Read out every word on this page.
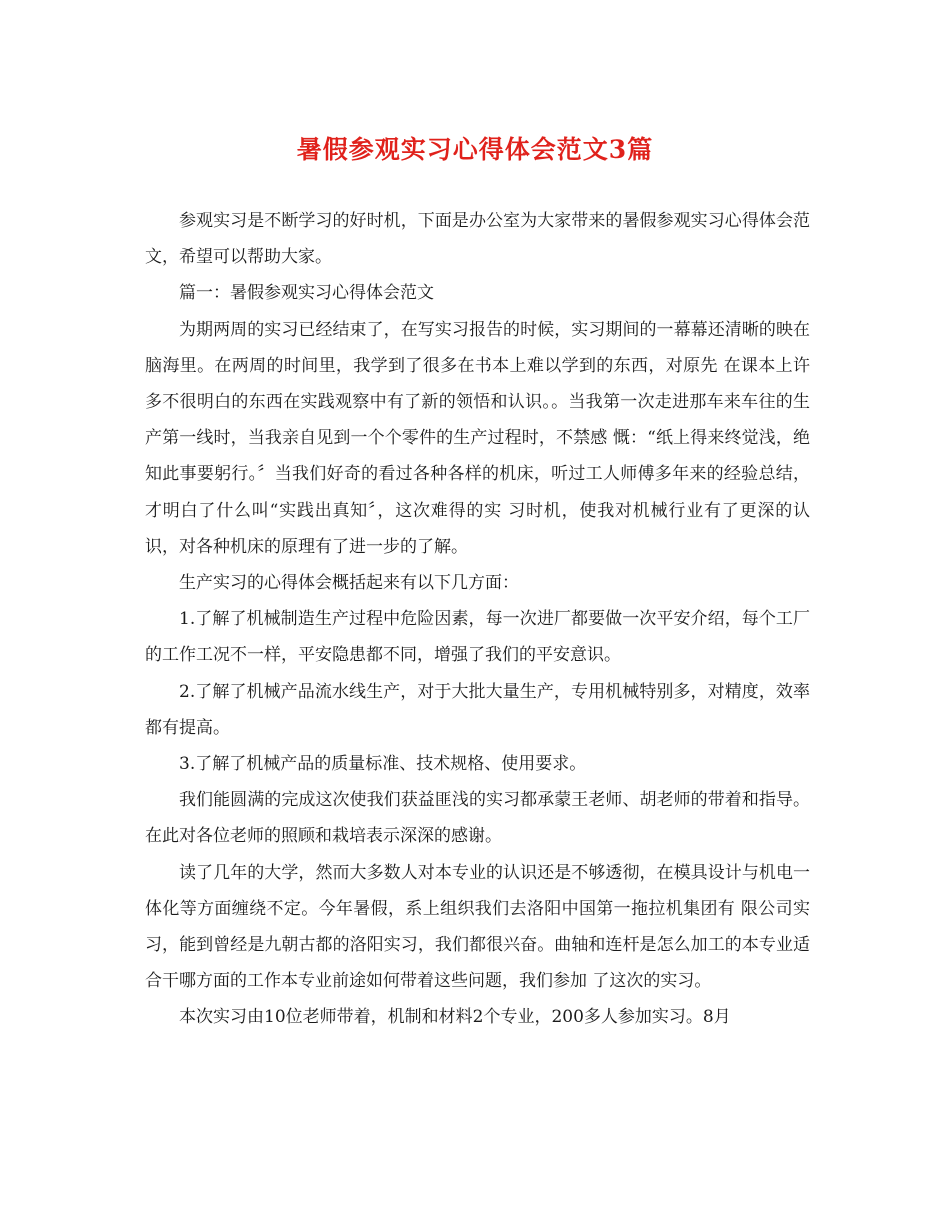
暑假参观实习心得体会范文3篇

参观实习是不断学习的好时机，下面是办公室为大家带来的暑假参观实习心得体会范文，希望可以帮助大家。

篇一：暑假参观实习心得体会范文

为期两周的实习已经结束了，在写实习报告的时候，实习期间的一幕幕还清晰的映在脑海里。在两周的时间里，我学到了很多在书本上难以学到的东西，对原先 在课本上许多不很明白的东西在实践观察中有了新的领悟和认识。。当我第一次走进那车来车往的生产第一线时，当我亲自见到一个个零件的生产过程时，不禁感 慨：“纸上得来终觉浅，绝知此事要躬行。〞当我们好奇的看过各种各样的机床，听过工人师傅多年来的经验总结，才明白了什么叫“实践出真知〞，这次难得的实 习时机，使我对机械行业有了更深的认识，对各种机床的原理有了进一步的了解。

生产实习的心得体会概括起来有以下几方面：

1.了解了机械制造生产过程中危险因素，每一次进厂都要做一次平安介绍，每个工厂的工作工况不一样，平安隐患都不同，增强了我们的平安意识。

2.了解了机械产品流水线生产，对于大批大量生产，专用机械特别多，对精度，效率都有提高。

3.了解了机械产品的质量标准、技术规格、使用要求。

我们能圆满的完成这次使我们获益匪浅的实习都承蒙王老师、胡老师的带着和指导。在此对各位老师的照顾和栽培表示深深的感谢。

读了几年的大学，然而大多数人对本专业的认识还是不够透彻，在模具设计与机电一体化等方面缠绕不定。今年暑假，系上组织我们去洛阳中国第一拖拉机集团有 限公司实习，能到曾经是九朝古都的洛阳实习，我们都很兴奋。曲轴和连杆是怎么加工的本专业适合干哪方面的工作本专业前途如何带着这些问题，我们参加 了这次的实习。

本次实习由10位老师带着，机制和材料2个专业，200多人参加实习。8月
